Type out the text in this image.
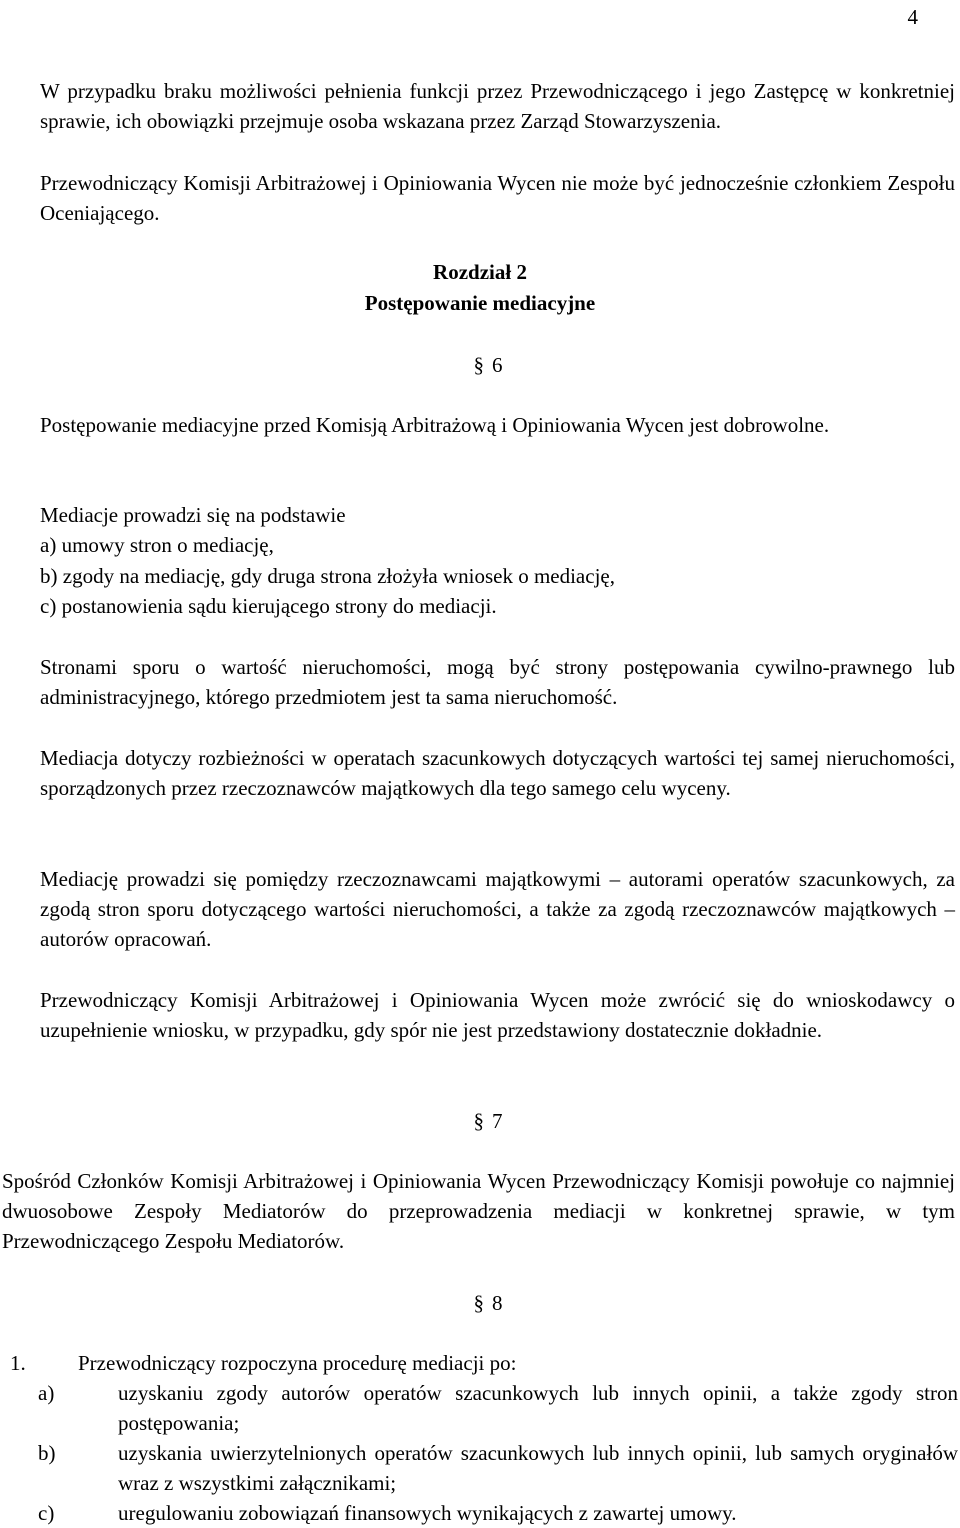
4
W przypadku braku możliwości pełnienia funkcji przez Przewodniczącego i jego Zastępcę w konkretniej sprawie, ich obowiązki przejmuje osoba wskazana przez Zarząd Stowarzyszenia.
Przewodniczący Komisji Arbitrażowej i Opiniowania Wycen nie może być jednocześnie członkiem Zespołu Oceniającego.
Rozdział 2
Postępowanie mediacyjne
§ 6
Postępowanie mediacyjne przed Komisją Arbitrażową i Opiniowania Wycen jest dobrowolne.
Mediacje prowadzi się na podstawie
a) umowy stron o mediację,
b) zgody na mediację, gdy druga strona złożyła wniosek o mediację,
c) postanowienia sądu kierującego strony do mediacji.
Stronami sporu o wartość nieruchomości, mogą być strony postępowania cywilno-prawnego lub administracyjnego, którego przedmiotem jest ta sama nieruchomość.
Mediacja dotyczy rozbieżności w operatach szacunkowych dotyczących wartości tej samej nieruchomości, sporządzonych przez rzeczoznawców majątkowych dla tego samego celu wyceny.
Mediację prowadzi się pomiędzy rzeczoznawcami majątkowymi – autorami operatów szacunkowych, za zgodą stron sporu dotyczącego wartości nieruchomości, a także za zgodą rzeczoznawców majątkowych – autorów opracowań.
Przewodniczący Komisji Arbitrażowej i Opiniowania Wycen może zwrócić się do wnioskodawcy o uzupełnienie wniosku, w przypadku, gdy spór nie jest przedstawiony dostatecznie dokładnie.
§ 7
Spośród Członków Komisji Arbitrażowej i Opiniowania Wycen Przewodniczący Komisji powołuje co najmniej dwuosobowe Zespoły Mediatorów do przeprowadzenia mediacji w konkretnej sprawie, w tym Przewodniczącego Zespołu Mediatorów.
§ 8
1. Przewodniczący rozpoczyna procedurę mediacji po:
a)	uzyskaniu zgody autorów operatów szacunkowych lub innych opinii, a także zgody stron postępowania;
b)	uzyskania uwierzytelnionych operatów szacunkowych lub innych opinii, lub samych oryginałów wraz z wszystkimi załącznikami;
c)	uregulowaniu zobowiązań finansowych wynikających z zawartej umowy.
